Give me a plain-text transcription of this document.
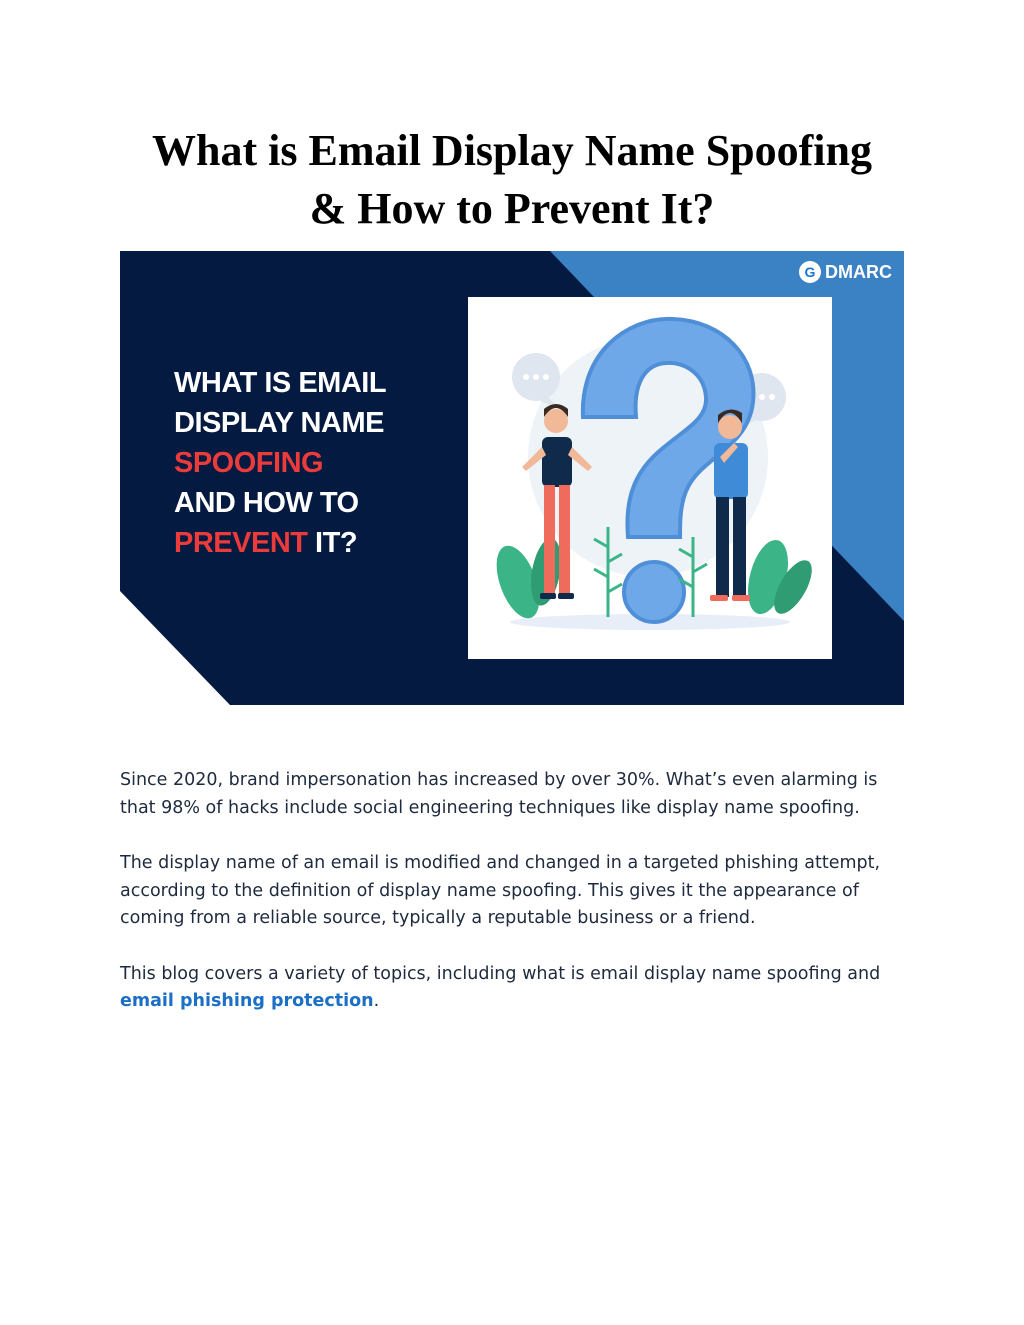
What is Email Display Name Spoofing
& How to Prevent It?
G DMARC
WHAT IS EMAIL
DISPLAY NAME
SPOOFING
AND HOW TO
PREVENT IT?

Since 2020, brand impersonation has increased by over 30%. What’s even alarming is that 98% of hacks include social engineering techniques like display name spoofing.

The display name of an email is modified and changed in a targeted phishing attempt, according to the definition of display name spoofing. This gives it the appearance of coming from a reliable source, typically a reputable business or a friend.

This blog covers a variety of topics, including what is email display name spoofing and email phishing protection.
